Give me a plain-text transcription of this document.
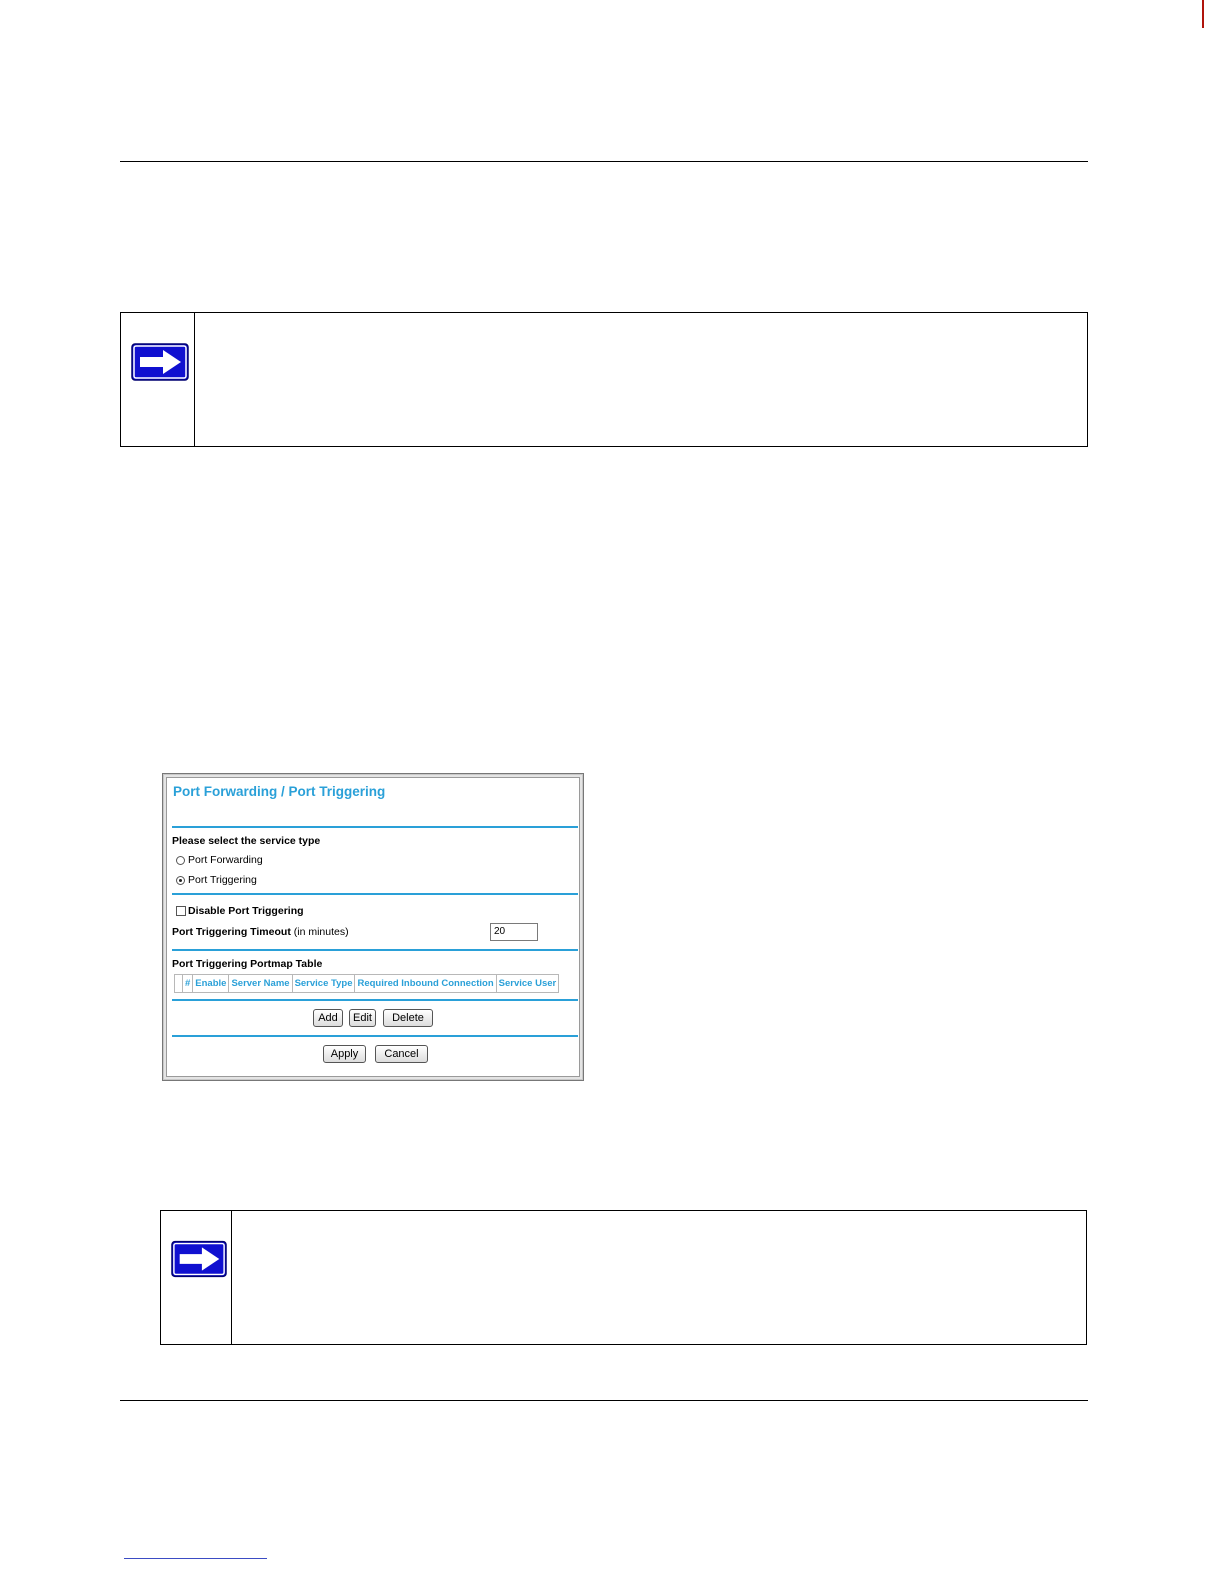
Port Forwarding / Port Triggering
Please select the service type
Port Forwarding
Port Triggering
Disable Port Triggering
Port Triggering Timeout (in minutes)	20
Port Triggering Portmap Table
	#	Enable	Server Name	Service Type	Required Inbound Connection	Service User
Add	Edit	Delete
Apply	Cancel
